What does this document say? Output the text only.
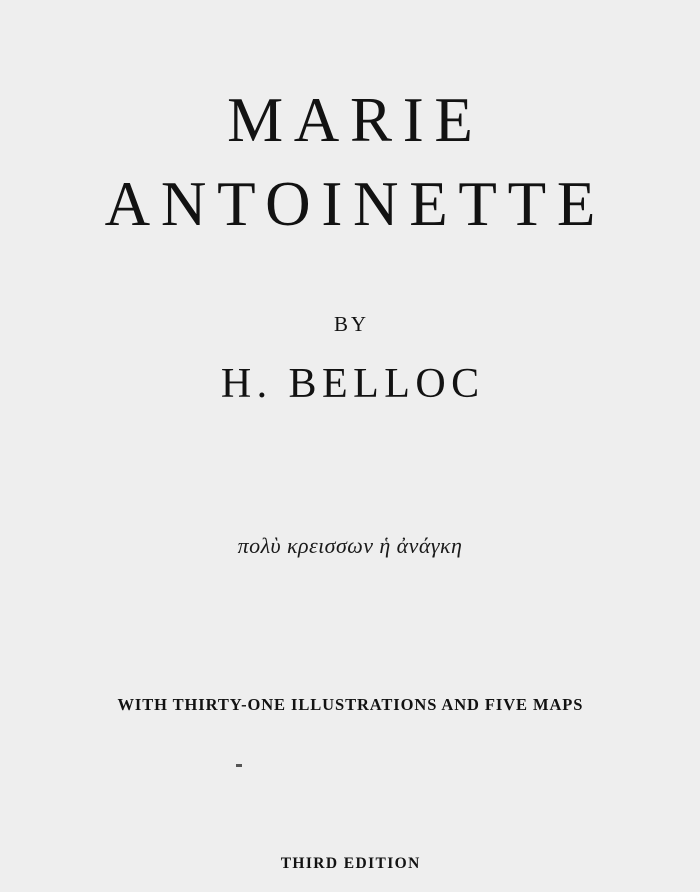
MARIE
ANTOINETTE
BY
H. BELLOC
πολὺ κρεισσων ἡ ἀνάγκη
WITH THIRTY-ONE ILLUSTRATIONS AND FIVE MAPS
THIRD EDITION
